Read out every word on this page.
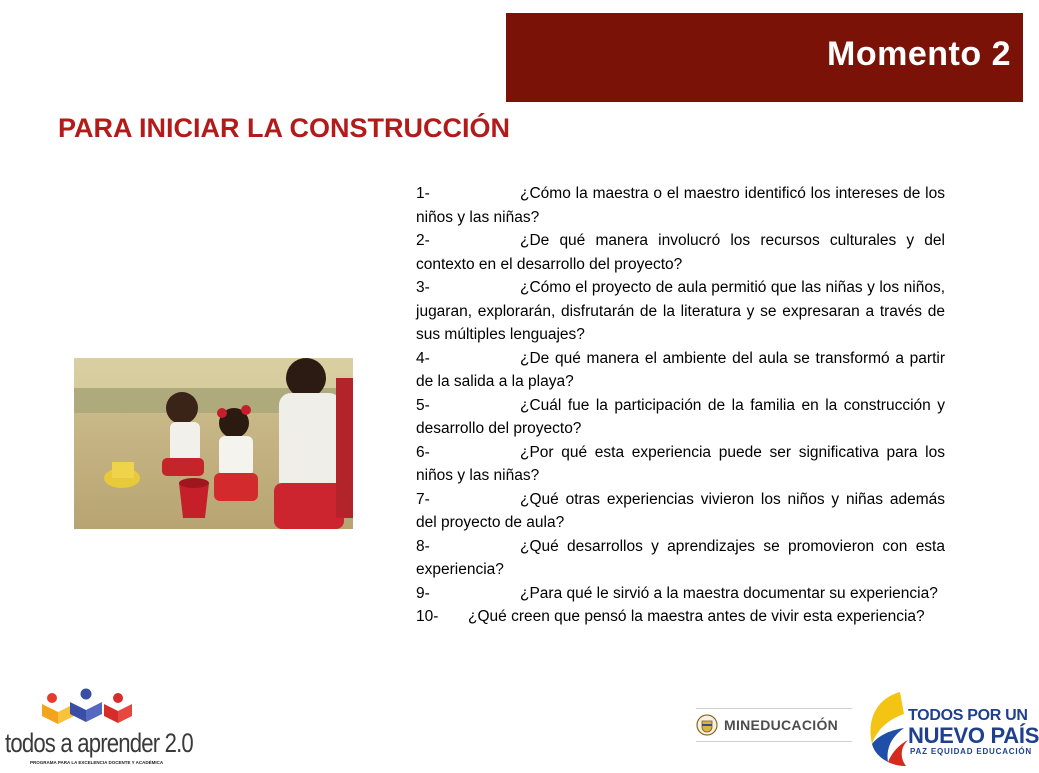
Momento 2
PARA INICIAR LA CONSTRUCCIÓN
1-	¿Cómo la maestra o el maestro identificó los intereses de los niños y las niñas?
2-	¿De qué manera involucró los recursos culturales y del contexto en el desarrollo del proyecto?
3-	¿Cómo el proyecto de aula permitió que las niñas y los niños, jugaran, explorarán, disfrutarán de la literatura y se expresaran a través de sus múltiples lenguajes?
4-	¿De qué manera el ambiente del aula se transformó a partir de la salida a la playa?
5-	¿Cuál fue la participación de la familia en la construcción y desarrollo del proyecto?
6-	¿Por qué esta experiencia puede ser significativa para los niños y las niñas?
7-	¿Qué otras experiencias vivieron los niños y niñas además del proyecto de aula?
8-	¿Qué desarrollos y aprendizajes se promovieron con esta experiencia?
9-	¿Para qué le sirvió a la maestra documentar su experiencia?
10- ¿Qué creen que pensó la maestra antes de vivir esta experiencia?
todos a aprender 2.0
PROGRAMA PARA LA EXCELENCIA DOCENTE Y ACADÉMICA
MINEDUCACIÓN
TODOS POR UN
NUEVO PAÍS
PAZ EQUIDAD EDUCACIÓN
